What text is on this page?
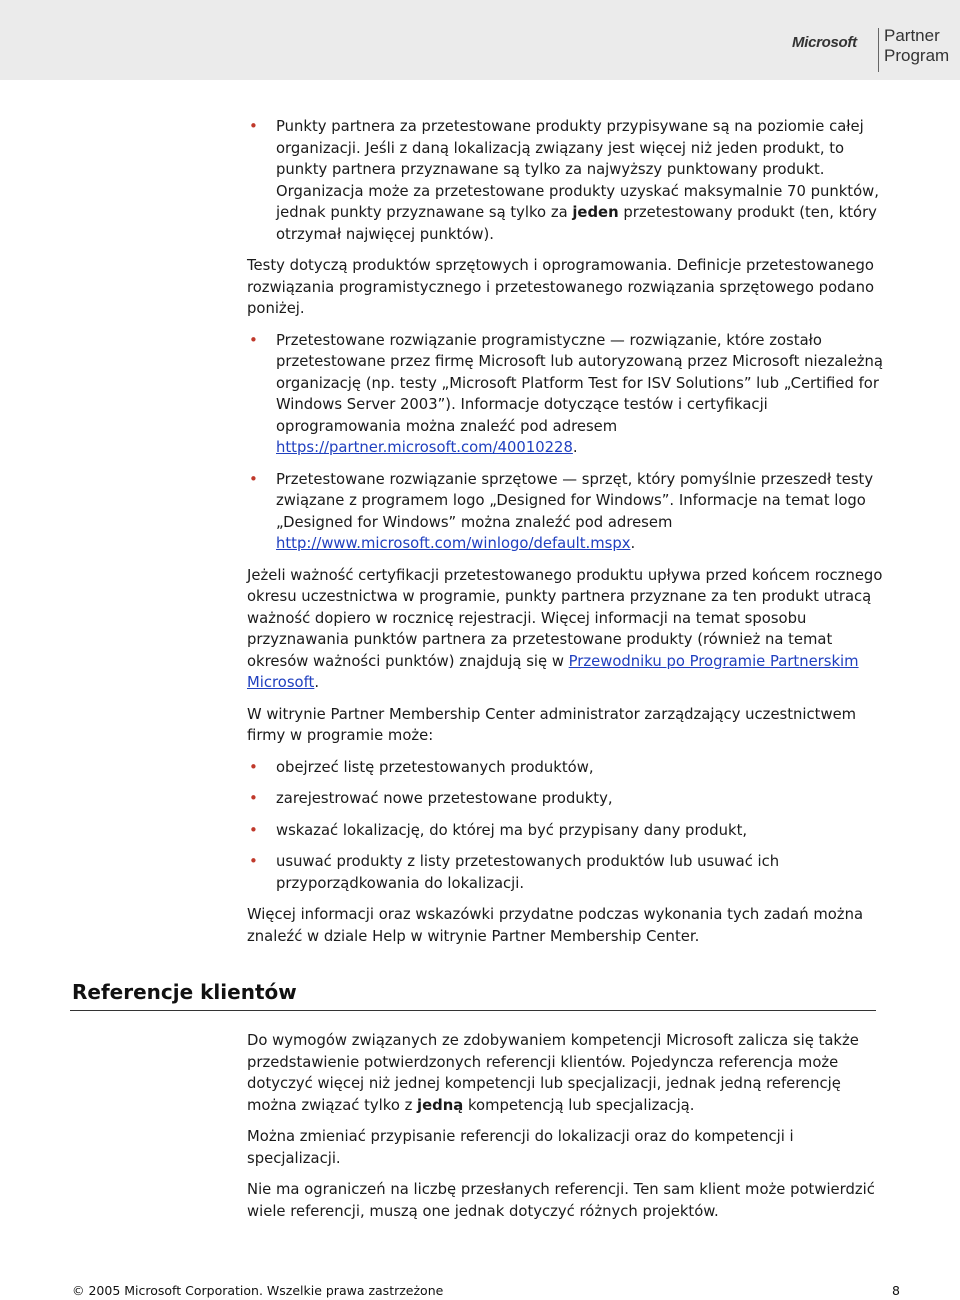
Microsoft Partner
Program
• Punkty partnera za przetestowane produkty przypisywane są na poziomie całej organizacji. Jeśli z daną lokalizacją związany jest więcej niż jeden produkt, to punkty partnera przyznawane są tylko za najwyższy punktowany produkt. Organizacja może za przetestowane produkty uzyskać maksymalnie 70 punktów, jednak punkty przyznawane są tylko za jeden przetestowany produkt (ten, który otrzymał najwięcej punktów).

Testy dotyczą produktów sprzętowych i oprogramowania. Definicje przetestowanego rozwiązania programistycznego i przetestowanego rozwiązania sprzętowego podano poniżej.

• Przetestowane rozwiązanie programistyczne — rozwiązanie, które zostało przetestowane przez firmę Microsoft lub autoryzowaną przez Microsoft niezależną organizację (np. testy „Microsoft Platform Test for ISV Solutions” lub „Certified for Windows Server 2003”). Informacje dotyczące testów i certyfikacji oprogramowania można znaleźć pod adresem https://partner.microsoft.com/40010228.
• Przetestowane rozwiązanie sprzętowe — sprzęt, który pomyślnie przeszedł testy związane z programem logo „Designed for Windows”. Informacje na temat logo „Designed for Windows” można znaleźć pod adresem http://www.microsoft.com/winlogo/default.mspx.

Jeżeli ważność certyfikacji przetestowanego produktu upływa przed końcem rocznego okresu uczestnictwa w programie, punkty partnera przyznane za ten produkt utracą ważność dopiero w rocznicę rejestracji. Więcej informacji na temat sposobu przyznawania punktów partnera za przetestowane produkty (również na temat okresów ważności punktów) znajdują się w Przewodniku po Programie Partnerskim Microsoft.

W witrynie Partner Membership Center administrator zarządzający uczestnictwem firmy w programie może:

• obejrzeć listę przetestowanych produktów,
• zarejestrować nowe przetestowane produkty,
• wskazać lokalizację, do której ma być przypisany dany produkt,
• usuwać produkty z listy przetestowanych produktów lub usuwać ich przyporządkowania do lokalizacji.

Więcej informacji oraz wskazówki przydatne podczas wykonania tych zadań można znaleźć w dziale Help w witrynie Partner Membership Center.

Referencje klientów

Do wymogów związanych ze zdobywaniem kompetencji Microsoft zalicza się także przedstawienie potwierdzonych referencji klientów. Pojedyncza referencja może dotyczyć więcej niż jednej kompetencji lub specjalizacji, jednak jedną referencję można związać tylko z jedną kompetencją lub specjalizacją.

Można zmieniać przypisanie referencji do lokalizacji oraz do kompetencji i specjalizacji.

Nie ma ograniczeń na liczbę przesłanych referencji. Ten sam klient może potwierdzić wiele referencji, muszą one jednak dotyczyć różnych projektów.

© 2005 Microsoft Corporation. Wszelkie prawa zastrzeżone	8
